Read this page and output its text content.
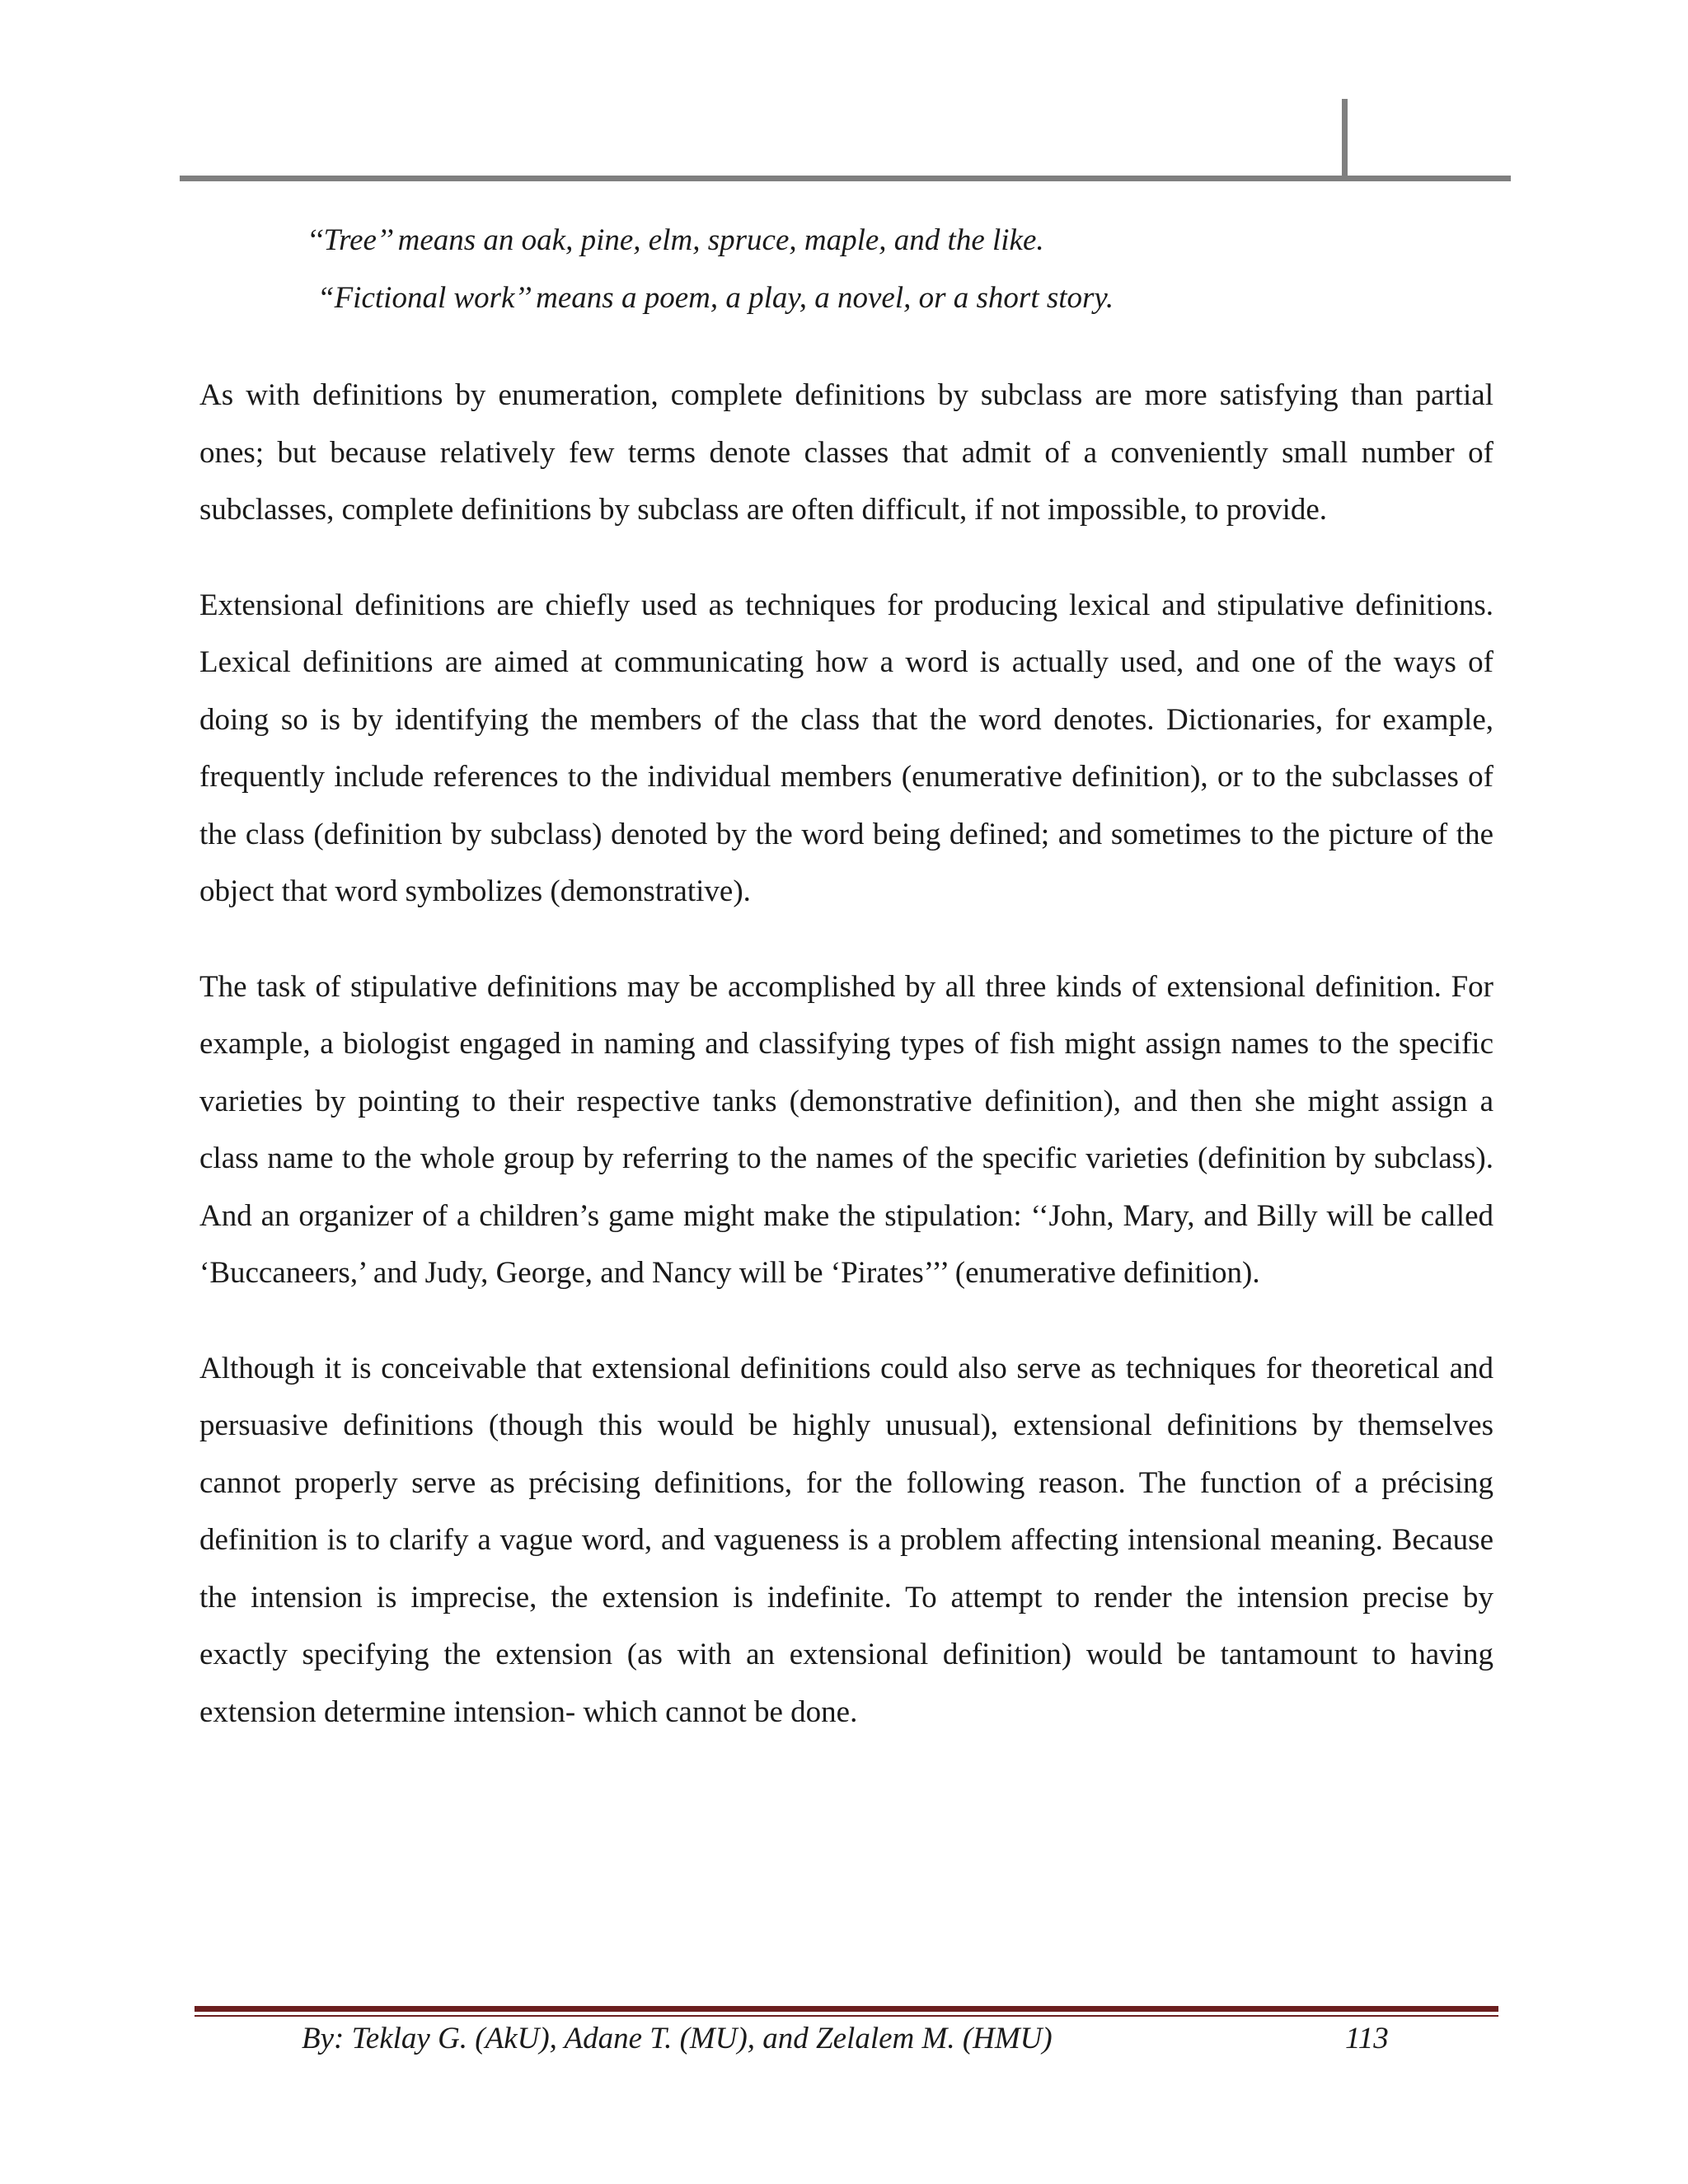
‘‘Tree’’ means an oak, pine, elm, spruce, maple, and the like.
“Fictional work’’ means a poem, a play, a novel, or a short story.

As with definitions by enumeration, complete definitions by subclass are more satisfying than partial ones; but because relatively few terms denote classes that admit of a conveniently small number of subclasses, complete definitions by subclass are often difficult, if not impossible, to provide.

Extensional definitions are chiefly used as techniques for producing lexical and stipulative definitions. Lexical definitions are aimed at communicating how a word is actually used, and one of the ways of doing so is by identifying the members of the class that the word denotes. Dictionaries, for example, frequently include references to the individual members (enumerative definition), or to the subclasses of the class (definition by subclass) denoted by the word being defined; and sometimes to the picture of the object that word symbolizes (demonstrative).

The task of stipulative definitions may be accomplished by all three kinds of extensional definition. For example, a biologist engaged in naming and classifying types of fish might assign names to the specific varieties by pointing to their respective tanks (demonstrative definition), and then she might assign a class name to the whole group by referring to the names of the specific varieties (definition by subclass). And an organizer of a children’s game might make the stipulation: ‘‘John, Mary, and Billy will be called ‘Buccaneers,’ and Judy, George, and Nancy will be ‘Pirates’’’ (enumerative definition).

Although it is conceivable that extensional definitions could also serve as techniques for theoretical and persuasive definitions (though this would be highly unusual), extensional definitions by themselves cannot properly serve as précising definitions, for the following reason. The function of a précising definition is to clarify a vague word, and vagueness is a problem affecting intensional meaning. Because the intension is imprecise, the extension is indefinite. To attempt to render the intension precise by exactly specifying the extension (as with an extensional definition) would be tantamount to having extension determine intension- which cannot be done.

By: Teklay G. (AkU), Adane T. (MU), and Zelalem M. (HMU)	113
